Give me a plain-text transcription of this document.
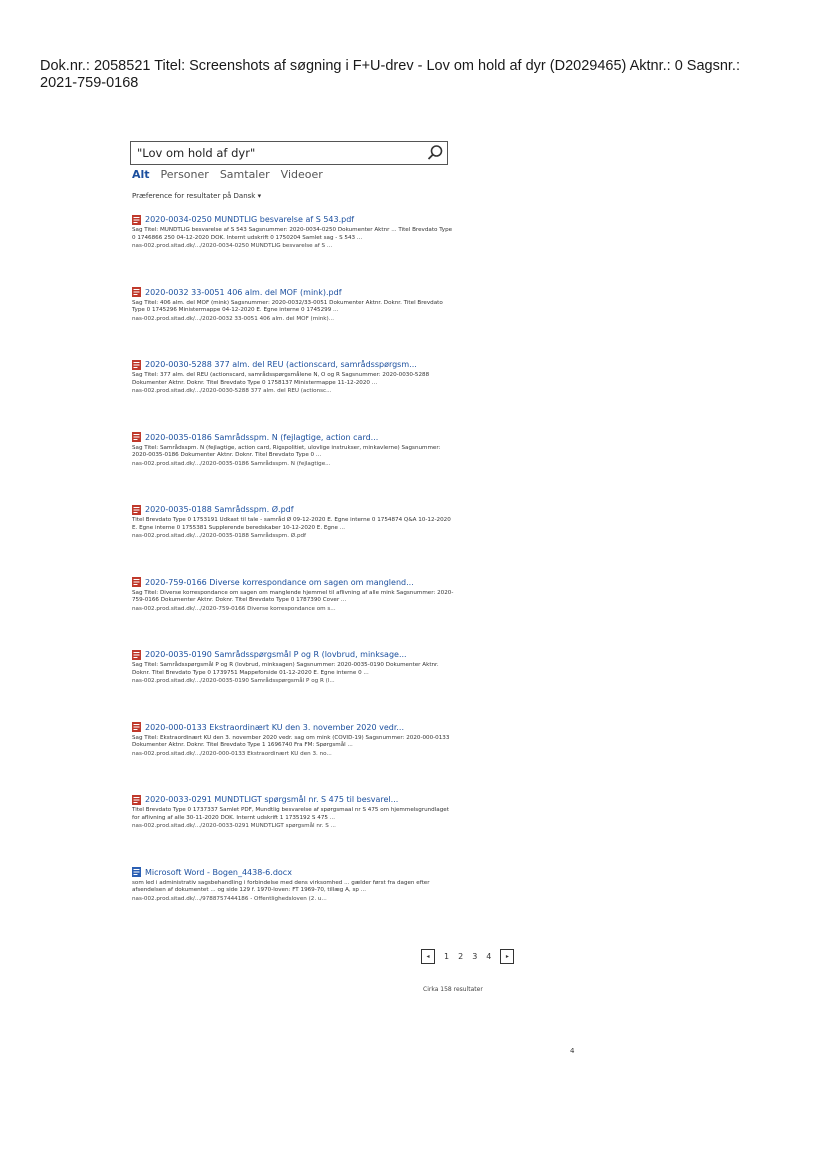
Dok.nr.: 2058521 Titel: Screenshots af søgning i F+U-drev - Lov om hold af dyr (D2029465) Aktnr.: 0 Sagsnr.:
2021-759-0168
"Lov om hold af dyr"
Alt Personer Samtaler Videoer
Præference for resultater på Dansk ▾
2020-0034-0250 MUNDTLIG besvarelse af S 543.pdf
Sag Titel: MUNDTLIG besvarelse af S 543 Sagsnummer: 2020-0034-0250 Dokumenter Aktnr ... Titel Brevdato Type 0 1746866 250 04-12-2020 DOK. Internt udskrift 0 1750204 Samlet sag - S 543 ...
nas-002.prod.sitad.dk/.../2020-0034-0250 MUNDTLIG besvarelse af S ...
2020-0032 33-0051 406 alm. del MOF (mink).pdf
Sag Titel: 406 alm. del MOF (mink) Sagsnummer: 2020-0032/33-0051 Dokumenter Aktnr. Doknr. Titel Brevdato Type 0 1745296 Ministermappe 04-12-2020 E. Egne interne 0 1745299 ...
nas-002.prod.sitad.dk/.../2020-0032 33-0051 406 alm. del MOF (mink)...
2020-0030-5288 377 alm. del REU (actionscard, samrådsspørgsm...
Sag Titel: 377 alm. del REU (actionscard, samrådsspørgsmålene N, O og R Sagsnummer: 2020-0030-5288 Dokumenter Aktnr. Doknr. Titel Brevdato Type 0 1758137 Ministermappe 11-12-2020 ...
nas-002.prod.sitad.dk/.../2020-0030-5288 377 alm. del REU (actionsc...
2020-0035-0186 Samrådsspm. N (fejlagtige, action card...
Sag Titel: Samrådsspm. N (fejlagtige, action card, Rigspolitiet, ulovlige instrukser, minkavlerne) Sagsnummer: 2020-0035-0186 Dokumenter Aktnr. Doknr. Titel Brevdato Type 0 ...
nas-002.prod.sitad.dk/.../2020-0035-0186 Samrådsspm. N (fejlagtige...
2020-0035-0188 Samrådsspm. Ø.pdf
Titel Brevdato Type 0 1753191 Udkast til tale - samråd Ø 09-12-2020 E. Egne interne 0 1754874 Q&A 10-12-2020 E. Egne interne 0 1755381 Supplerende beredskaber 10-12-2020 E. Egne ...
nas-002.prod.sitad.dk/.../2020-0035-0188 Samrådsspm. Ø.pdf
2020-759-0166 Diverse korrespondance om sagen om manglend...
Sag Titel: Diverse korrespondance om sagen om manglende hjemmel til aflivning af alle mink Sagsnummer: 2020-759-0166 Dokumenter Aktnr. Doknr. Titel Brevdato Type 0 1787390 Cover ...
nas-002.prod.sitad.dk/.../2020-759-0166 Diverse korrespondance om s...
2020-0035-0190 Samrådsspørgsmål P og R (lovbrud, minksage...
Sag Titel: Samrådsspørgsmål P og R (lovbrud, minksagen) Sagsnummer: 2020-0035-0190 Dokumenter Aktnr. Doknr. Titel Brevdato Type 0 1739751 Mappeforside 01-12-2020 E. Egne interne 0 ...
nas-002.prod.sitad.dk/.../2020-0035-0190 Samrådsspørgsmål P og R (l...
2020-000-0133 Ekstraordinært KU den 3. november 2020 vedr...
Sag Titel: Ekstraordinært KU den 3. november 2020 vedr. sag om mink (COVID-19) Sagsnummer: 2020-000-0133 Dokumenter Aktnr. Doknr. Titel Brevdato Type 1 1696740 Fra FM: Spørgsmål ...
nas-002.prod.sitad.dk/.../2020-000-0133 Ekstraordinært KU den 3. no...
2020-0033-0291 MUNDTLIGT spørgsmål nr. S 475 til besvarel...
Titel Brevdato Type 0 1737337 Samlet PDF, Mundtlig besvarelse af spørgsmaal nr S 475 om hjemmelsgrundlaget for aflivning af alle 30-11-2020 DOK. Internt udskrift 1 1735192 S 475 ...
nas-002.prod.sitad.dk/.../2020-0033-0291 MUNDTLIGT spørgsmål nr. S ...
Microsoft Word - Bogen_4438-6.docx
som led i administrativ sagsbehandling i forbindelse med dens virksomhed ... gælder først fra dagen efter afsendelsen af dokumentet ... og side 129 f. 1970-loven: FT 1969-70, tillæg A, sp ...
nas-002.prod.sitad.dk/.../9788757444186 - Offentlighedsloven (2. u...
◂	1 2 3 4	▸
Cirka 158 resultater
4
